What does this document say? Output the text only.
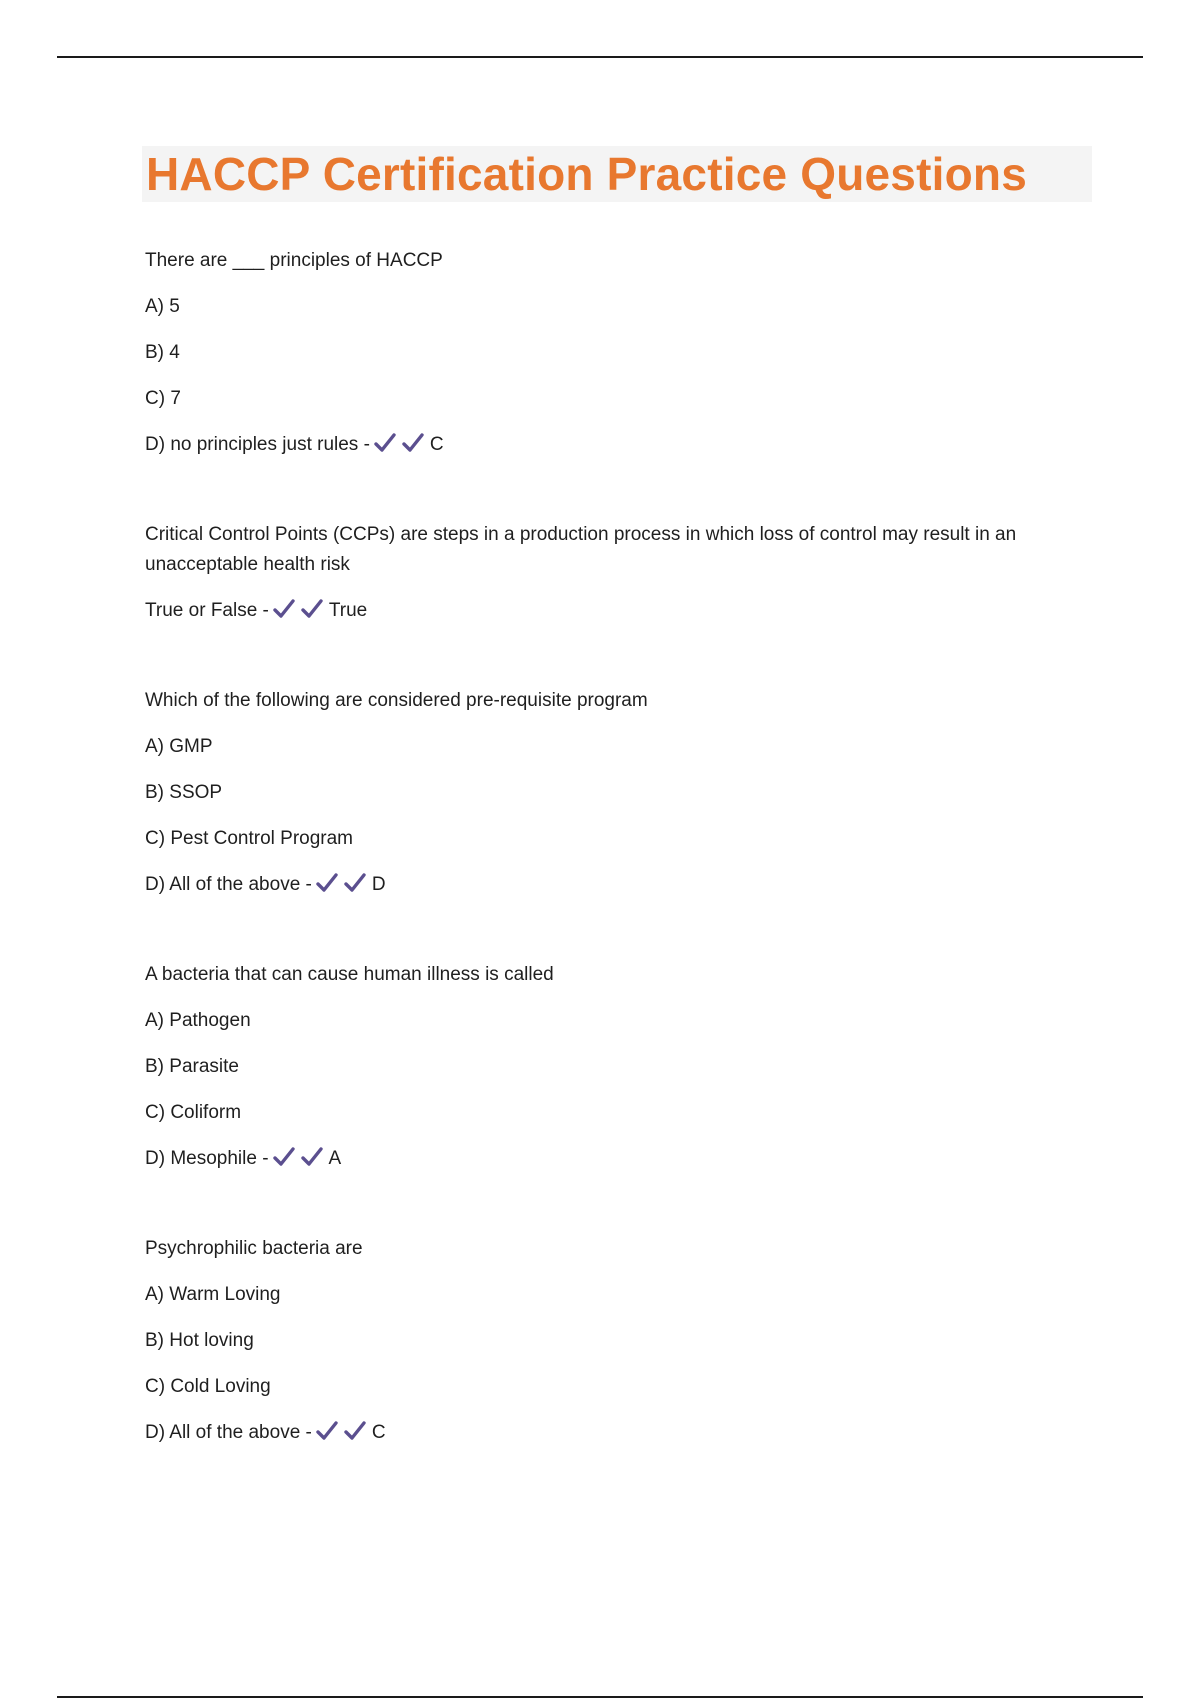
HACCP Certification Practice Questions

There are ___ principles of HACCP

A) 5

B) 4

C) 7

D) no principles just rules -	C

Critical Control Points (CCPs) are steps in a production process in which loss of control may result in an unacceptable health risk

True or False -	True

Which of the following are considered pre-requisite program

A) GMP

B) SSOP

C) Pest Control Program

D) All of the above -	D

A bacteria that can cause human illness is called

A) Pathogen

B) Parasite

C) Coliform

D) Mesophile -	A

Psychrophilic bacteria are

A) Warm Loving

B) Hot loving

C) Cold Loving

D) All of the above -	C
